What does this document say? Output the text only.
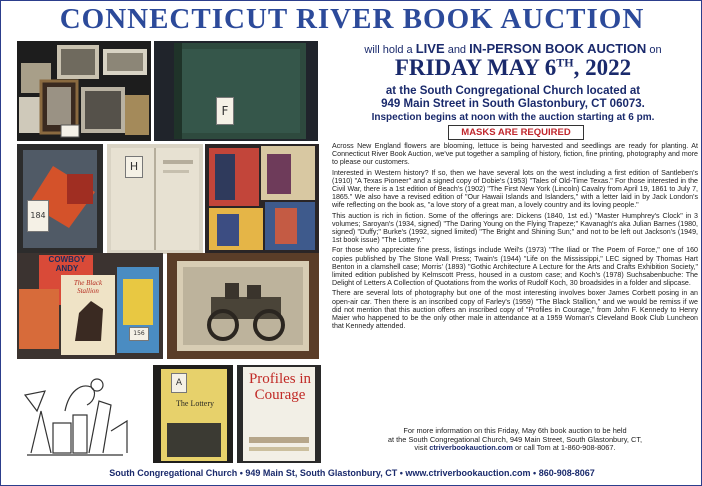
CONNECTICUT RIVER BOOK AUCTION
F
184
H
COWBOY ANDY
The Black Stallion
156
The Lottery
A	Profiles in Courage
will hold a LIVE and IN-PERSON BOOK AUCTION on
FRIDAY MAY 6TH, 2022
at the South Congregational Church located at
949 Main Street in South Glastonbury, CT 06073.
Inspection begins at noon with the auction starting at 6 pm.
MASKS ARE REQUIRED

Across New England flowers are blooming, lettuce is being harvested and seedlings are ready for planting. At Connecticut River Book Auction, we've put together a sampling of history, fiction, fine printing, photography and more to please our customers.

Interested in Western history? If so, then we have several lots on the west including a first edition of Santleben's (1910) "A Texas Pioneer" and a signed copy of Dobie's (1953) "Tales of Old-Time Texas." For those interested in the Civil War, there is a 1st edition of Beach's (1902) "The First New York (Lincoln) Cavalry from April 19, 1861 to July 7, 1865." We also have a revised edition of "Our Hawaii Islands and Islanders," with a letter laid in by Jack London's wife reflecting on the book as, "a love story of a great man, a lovely country and its loving people."

This auction is rich in fiction. Some of the offerings are: Dickens (1840, 1st ed.) "Master Humphrey's Clock" in 3 volumes; Saroyan's (1934, signed) "The Daring Young on the Flying Trapeze;" Kavanagh's aka Julian Barnes (1980, signed) "Duffy;" Burke's (1992, signed limited) "The Bright and Shining Sun;" and not to be left out Jackson's (1949, 1st book issue) "The Lottery."

For those who appreciate fine press, listings include Weil's (1973) "The Iliad or The Poem of Force," one of 160 copies published by The Stone Wall Press; Twain's (1944) "Life on the Mississippi," LEC signed by Thomas Hart Benton in a clamshell case; Morris' (1893) "Gothic Architecture A Lecture for the Arts and Crafts Exhibition Society," limited edition published by Kelmscott Press, housed in a custom case; and Koch's (1978) Suchsabenbuche: The Delight of Letters A Collection of Quotations from the works of Rudolf Koch, 30 broadsides in a folder and slipcase.

There are several lots of photography but one of the most interesting involves boxer James Corbett posing in an open-air car. Then there is an inscribed copy of Farley's (1959) "The Black Stallion," and we would be remiss if we did not mention that this auction offers an inscribed copy of "Profiles in Courage," from John F. Kennedy to Henry Maier who happened to be the only other male in attendance at a 1959 Woman's Cleveland Book Club Luncheon that Kennedy attended.

For more information on this Friday, May 6th book auction to be held
at the South Congregational Church, 949 Main Street, South Glastonbury, CT,
visit ctriverbookauction.com or call Tom at 1-860-908-8067.
South Congregational Church • 949 Main St, South Glastonbury, CT • www.ctriverbookauction.com • 860-908-8067
